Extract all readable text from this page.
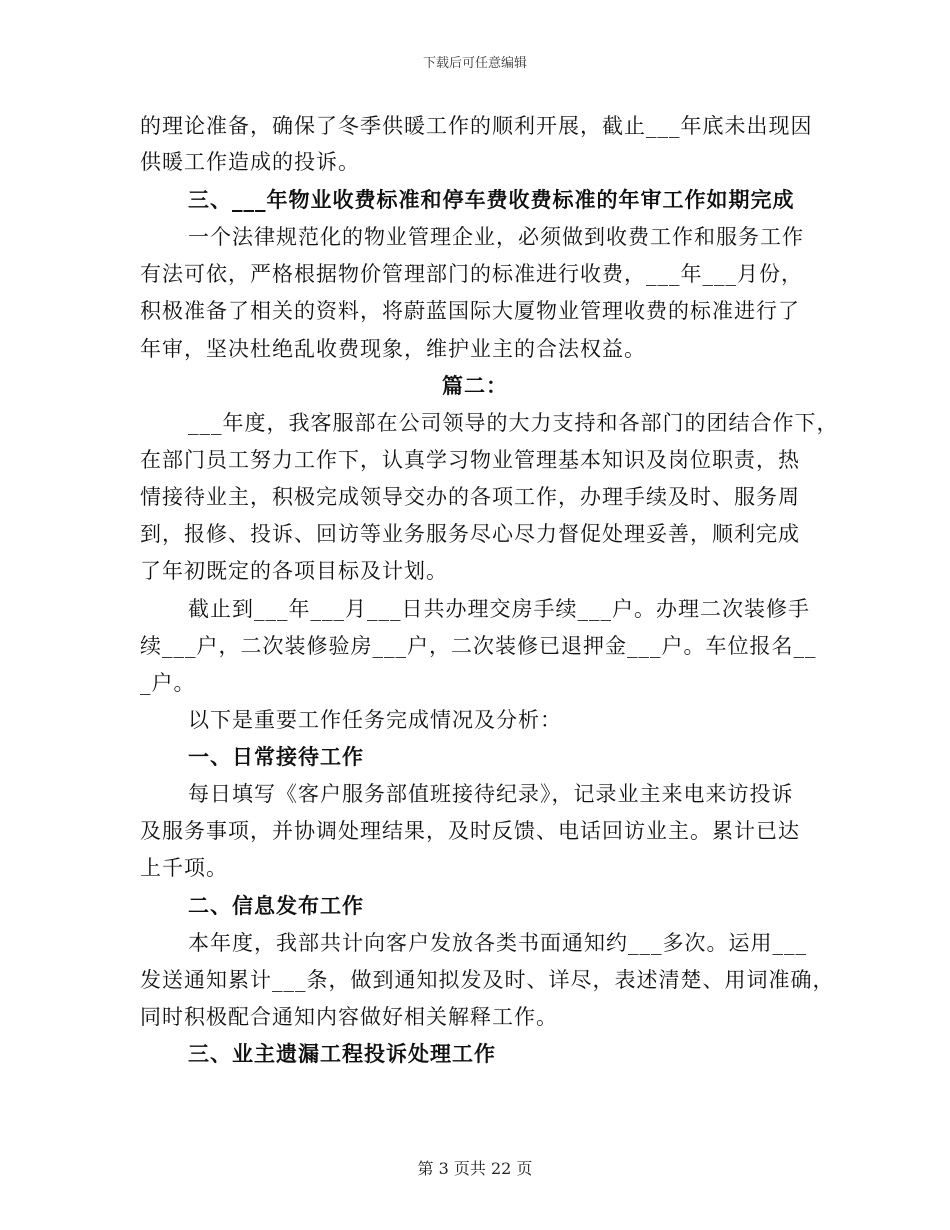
下载后可任意编辑
的理论准备，确保了冬季供暖工作的顺利开展，截止___年底未出现因
供暖工作造成的投诉。
三、___年物业收费标准和停车费收费标准的年审工作如期完成
一个法律规范化的物业管理企业，必须做到收费工作和服务工作
有法可依，严格根据物价管理部门的标准进行收费，___年___月份，
积极准备了相关的资料，将蔚蓝国际大厦物业管理收费的标准进行了
年审，坚决杜绝乱收费现象，维护业主的合法权益。
篇二：
___年度，我客服部在公司领导的大力支持和各部门的团结合作下，
在部门员工努力工作下，认真学习物业管理基本知识及岗位职责，热
情接待业主，积极完成领导交办的各项工作，办理手续及时、服务周
到，报修、投诉、回访等业务服务尽心尽力督促处理妥善，顺利完成
了年初既定的各项目标及计划。
截止到___年___月___日共办理交房手续___户。办理二次装修手
续___户，二次装修验房___户，二次装修已退押金___户。车位报名__
_户。
以下是重要工作任务完成情况及分析：
一、日常接待工作
每日填写《客户服务部值班接待纪录》，记录业主来电来访投诉
及服务事项，并协调处理结果，及时反馈、电话回访业主。累计已达
上千项。
二、信息发布工作
本年度，我部共计向客户发放各类书面通知约___多次。运用___
发送通知累计___条，做到通知拟发及时、详尽，表述清楚、用词准确，
同时积极配合通知内容做好相关解释工作。
三、业主遗漏工程投诉处理工作
第 3 页共 22 页
